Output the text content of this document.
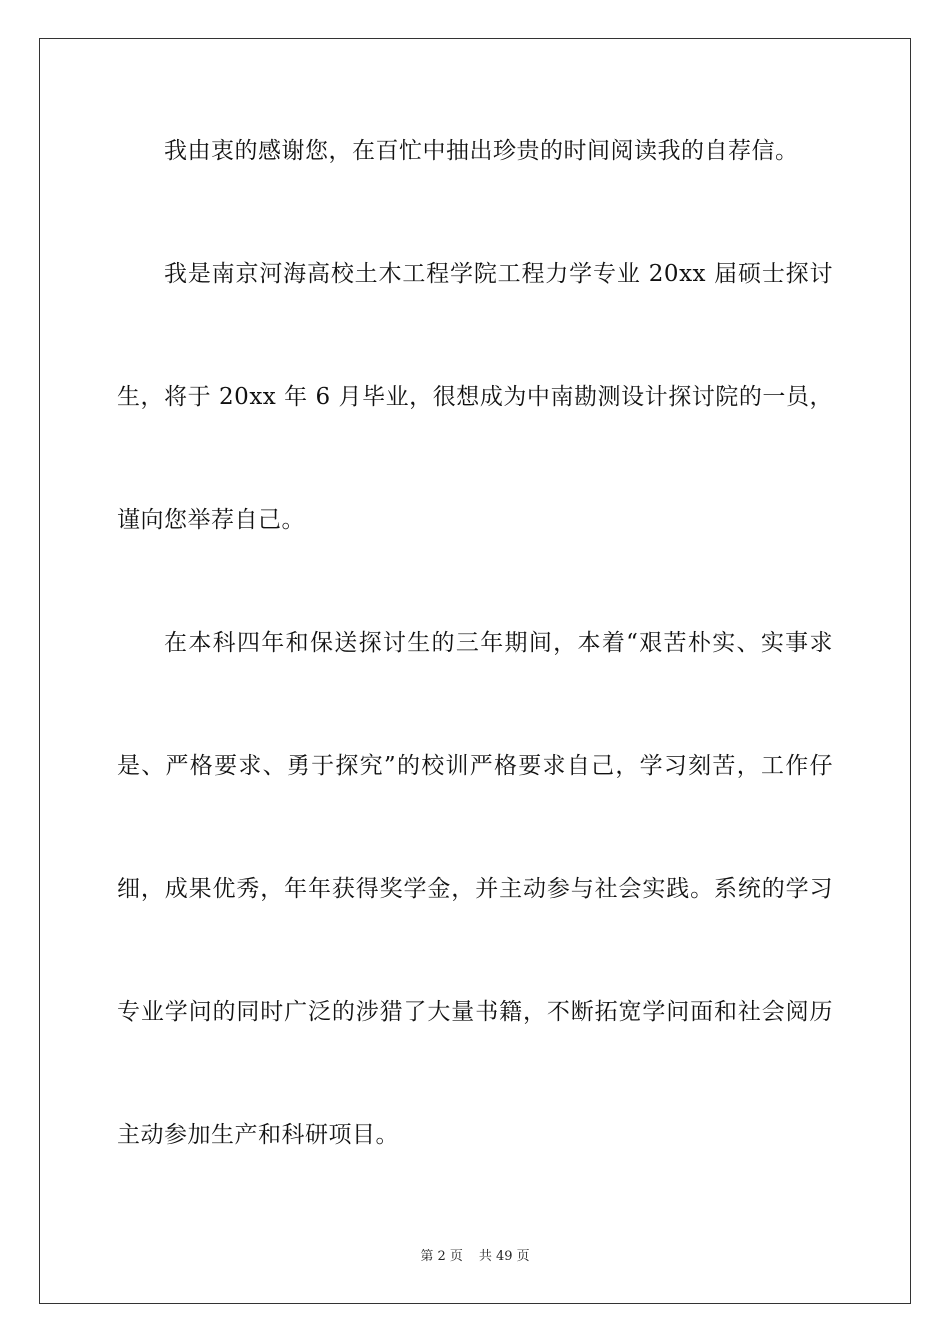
我由衷的感谢您，在百忙中抽出珍贵的时间阅读我的自荐信。
我是南京河海高校土木工程学院工程力学专业 20xx 届硕士探讨
生，将于 20xx 年 6 月毕业，很想成为中南勘测设计探讨院的一员，
谨向您举荐自己。
在本科四年和保送探讨生的三年期间，本着“艰苦朴实、实事求
是、严格要求、勇于探究”的校训严格要求自己，学习刻苦，工作仔
细，成果优秀，年年获得奖学金，并主动参与社会实践。系统的学习
专业学问的同时广泛的涉猎了大量书籍，不断拓宽学问面和社会阅历
主动参加生产和科研项目。
第 2 页 共 49 页
